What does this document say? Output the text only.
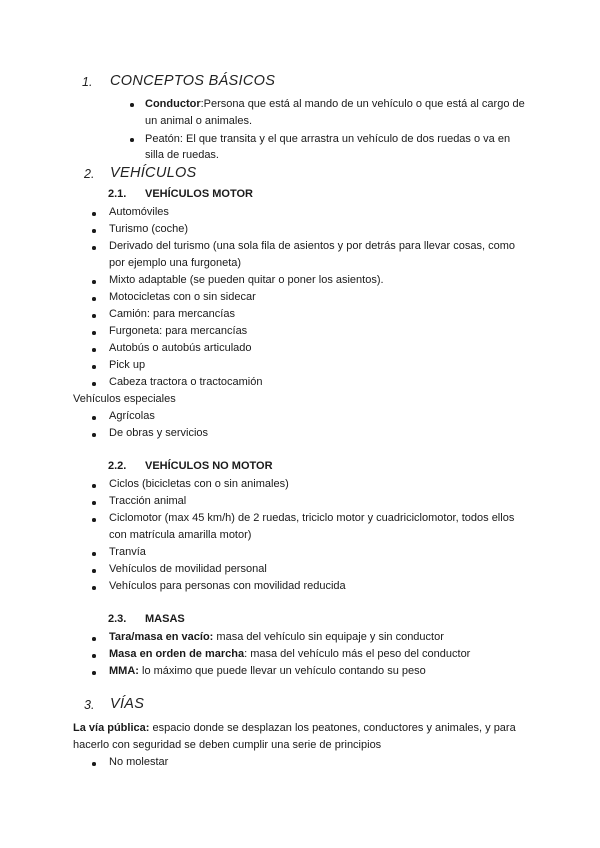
1. CONCEPTOS BÁSICOS
Conductor:Persona que está al mando de un vehículo o que está al cargo de
un animal o animales.
Peatón: El que transita y el que arrastra un vehículo de dos ruedas o va en
silla de ruedas.
2. VEHÍCULOS
2.1. VEHÍCULOS MOTOR
Automóviles
Turismo (coche)
Derivado del turismo (una sola fila de asientos y por detrás para llevar cosas, como
por ejemplo una furgoneta)
Mixto adaptable (se pueden quitar o poner los asientos).
Motocicletas con o sin sidecar
Camión: para mercancías
Furgoneta: para mercancías
Autobús o autobús articulado
Pick up
Cabeza tractora o tractocamión
Vehículos especiales
Agrícolas
De obras y servicios
2.2. VEHÍCULOS NO MOTOR
Ciclos (bicicletas con o sin animales)
Tracción animal
Ciclomotor (max 45 km/h) de 2 ruedas, triciclo motor y cuadriciclomotor, todos ellos
con matrícula amarilla motor)
Tranvía
Vehículos de movilidad personal
Vehículos para personas con movilidad reducida
2.3. MASAS
Tara/masa en vacío: masa del vehículo sin equipaje y sin conductor
Masa en orden de marcha: masa del vehículo más el peso del conductor
MMA: lo máximo que puede llevar un vehículo contando su peso
3. VÍAS
La vía pública: espacio donde se desplazan los peatones, conductores y animales, y para
hacerlo con seguridad se deben cumplir una serie de principios
No molestar
